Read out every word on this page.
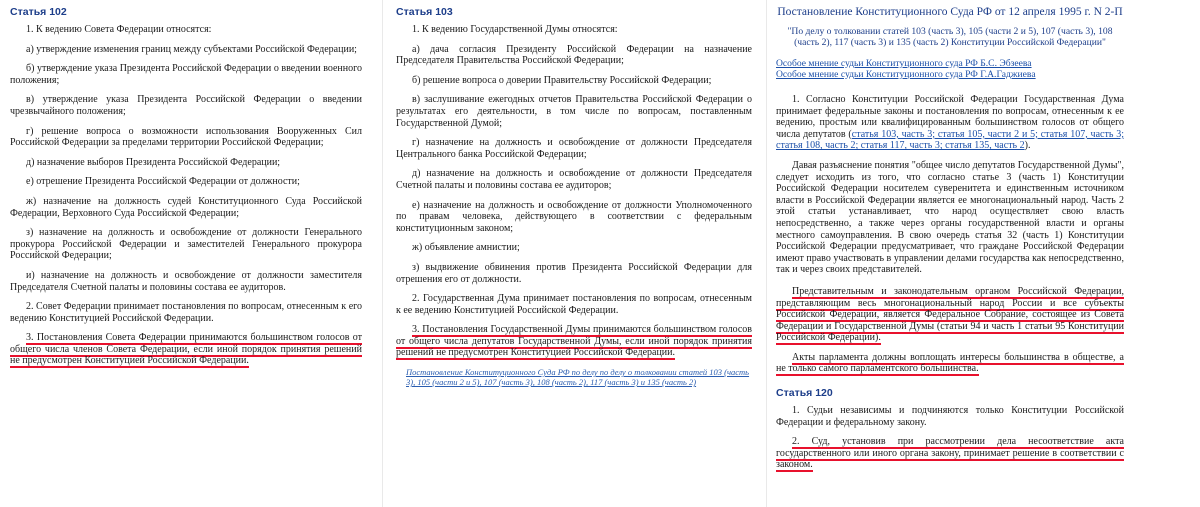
Статья 102
1. К ведению Совета Федерации относятся:
а) утверждение изменения границ между субъектами Российской Федерации;
б) утверждение указа Президента Российской Федерации о введении военного положения;
в) утверждение указа Президента Российской Федерации о введении чрезвычайного положения;
г) решение вопроса о возможности использования Вооруженных Сил Российской Федерации за пределами территории Российской Федерации;
д) назначение выборов Президента Российской Федерации;
е) отрешение Президента Российской Федерации от должности;
ж) назначение на должность судей Конституционного Суда Российской Федерации, Верховного Суда Российской Федерации;
з) назначение на должность и освобождение от должности Генерального прокурора Российской Федерации и заместителей Генерального прокурора Российской Федерации;
и) назначение на должность и освобождение от должности заместителя Председателя Счетной палаты и половины состава ее аудиторов.
2. Совет Федерации принимает постановления по вопросам, отнесенным к его ведению Конституцией Российской Федерации.
3. Постановления Совета Федерации принимаются большинством голосов от общего числа членов Совета Федерации, если иной порядок принятия решений не предусмотрен Конституцией Российской Федерации.
Статья 103
1. К ведению Государственной Думы относятся:
а) дача согласия Президенту Российской Федерации на назначение Председателя Правительства Российской Федерации;
б) решение вопроса о доверии Правительству Российской Федерации;
в) заслушивание ежегодных отчетов Правительства Российской Федерации о результатах его деятельности, в том числе по вопросам, поставленным Государственной Думой;
г) назначение на должность и освобождение от должности Председателя Центрального банка Российской Федерации;
д) назначение на должность и освобождение от должности Председателя Счетной палаты и половины состава ее аудиторов;
е) назначение на должность и освобождение от должности Уполномоченного по правам человека, действующего в соответствии с федеральным конституционным законом;
ж) объявление амнистии;
з) выдвижение обвинения против Президента Российской Федерации для отрешения его от должности.
2. Государственная Дума принимает постановления по вопросам, отнесенным к ее ведению Конституцией Российской Федерации.
3. Постановления Государственной Думы принимаются большинством голосов от общего числа депутатов Государственной Думы, если иной порядок принятия решений не предусмотрен Конституцией Российской Федерации.
Постановление Конституционного Суда РФ по делу по делу о толковании статей 103 (часть 3), 105 (части 2 и 5), 107 (часть 3), 108 (часть 2), 117 (часть 3) и 135 (часть 2)
Постановление Конституционного Суда РФ от 12 апреля 1995 г. N 2-П
"По делу о толковании статей 103 (часть 3), 105 (части 2 и 5), 107 (часть 3), 108 (часть 2), 117 (часть 3) и 135 (часть 2) Конституции Российской Федерации"
Особое мнение судьи Конституционного суда РФ Б.С. Эбзеева
Особое мнение судьи Конституционного суда РФ Г.А.Гаджиева
1. Согласно Конституции Российской Федерации Государственная Дума принимает федеральные законы и постановления по вопросам, отнесенным к ее ведению, простым или квалифицированным большинством голосов от общего числа депутатов (статья 103, часть 3; статья 105, части 2 и 5; статья 107, часть 3; статья 108, часть 2; статья 117, часть 3; статья 135, часть 2).
Давая разъяснение понятия "общее число депутатов Государственной Думы", следует исходить из того, что согласно статье 3 (часть 1) Конституции Российской Федерации носителем суверенитета и единственным источником власти в Российской Федерации является ее многонациональный народ. Часть 2 этой статьи устанавливает, что народ осуществляет свою власть непосредственно, а также через органы государственной власти и органы местного самоуправления. В свою очередь статья 32 (часть 1) Конституции Российской Федерации предусматривает, что граждане Российской Федерации имеют право участвовать в управлении делами государства как непосредственно, так и через своих представителей.
Представительным и законодательным органом Российской Федерации, представляющим весь многонациональный народ России и все субъекты Российской Федерации, является Федеральное Собрание, состоящее из Совета Федерации и Государственной Думы (статьи 94 и часть 1 статьи 95 Конституции Российской Федерации).
Акты парламента должны воплощать интересы большинства в обществе, а не только самого парламентского большинства.
Статья 120
1. Судьи независимы и подчиняются только Конституции Российской Федерации и федеральному закону.
2. Суд, установив при рассмотрении дела несоответствие акта государственного или иного органа закону, принимает решение в соответствии с законом.
